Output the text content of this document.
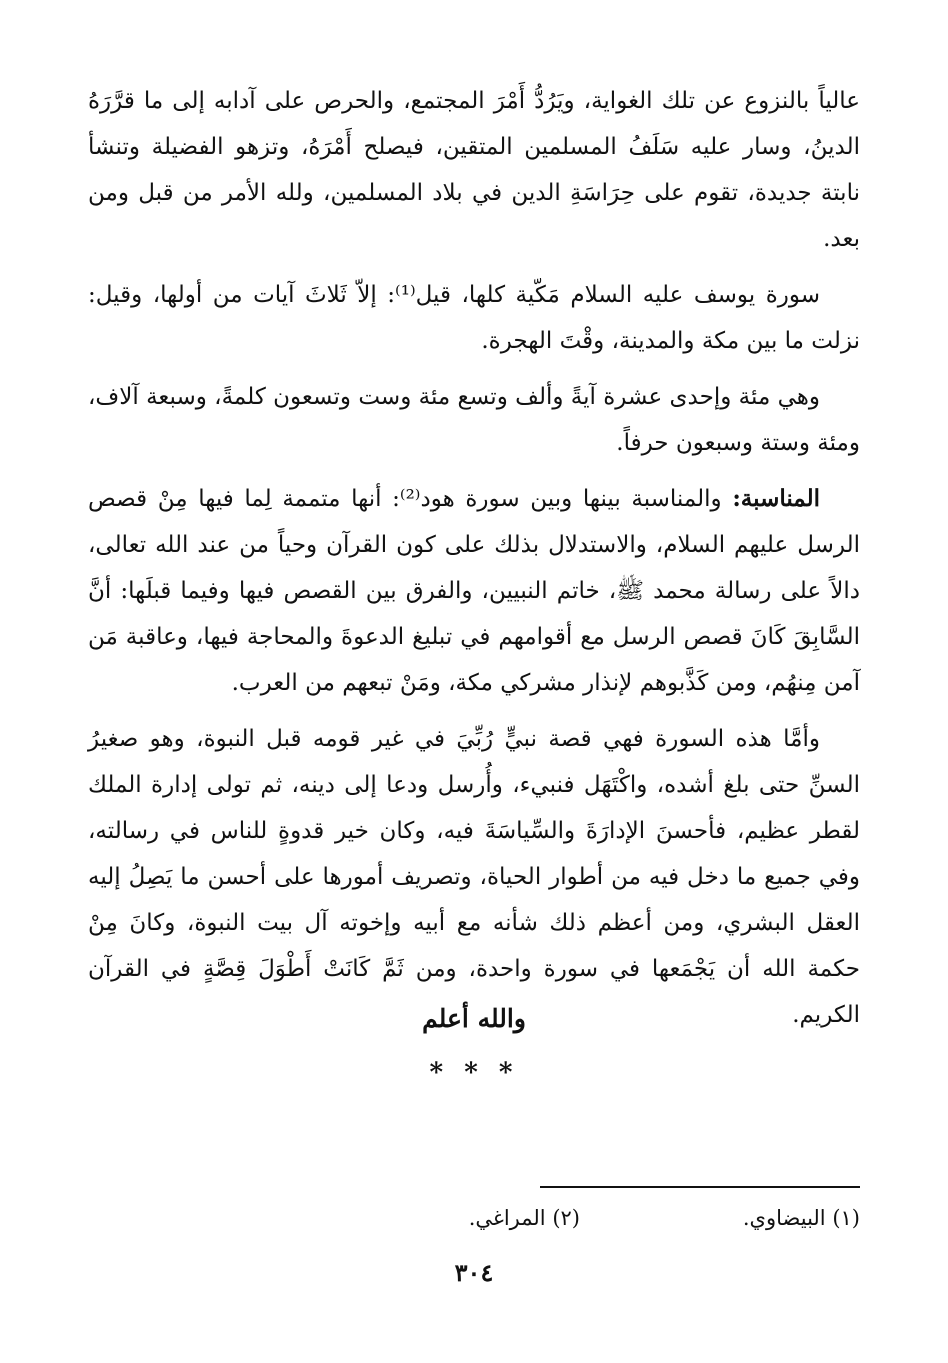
عالياً بالنزوع عن تلك الغواية، ويَرُدُّ أَمْرَ المجتمع، والحرص على آدابه إلى ما قرَّرَهُ الدينُ، وسار عليه سَلَفُ المسلمين المتقين، فيصلح أَمْرَهُ، وتزهو الفضيلة وتنشأ نابتة جديدة، تقوم على حِرَاسَةِ الدين في بلاد المسلمين، ولله الأمر من قبل ومن بعد.

سورة يوسف عليه السلام مَكّية كلها، قيل⁽¹⁾: إلاّ ثَلاثَ آيات من أولها، وقيل: نزلت ما بين مكة والمدينة، وقْتَ الهجرة.

وهي مئة وإحدى عشرة آيةً وألف وتسع مئة وست وتسعون كلمةً، وسبعة آلاف، ومئة وستة وسبعون حرفاً.

المناسبة: والمناسبة بينها وبين سورة هود⁽²⁾: أنها متممة لِما فيها مِنْ قصص الرسل عليهم السلام، والاستدلال بذلك على كون القرآن وحياً من عند الله تعالى، دالاً على رسالة محمد ﷺ، خاتم النبيين، والفرق بين القصص فيها وفيما قبلَها: أنَّ السَّابِقَ كَانَ قصص الرسل مع أقوامهم في تبليغ الدعوةَ والمحاجة فيها، وعاقبة مَن آمن مِنهُم، ومن كَذَّبوهم لإنذار مشركي مكة، ومَنْ تبعهم من العرب.

وأمَّا هذه السورة فهي قصة نبيٍّ رُبِّيَ في غير قومه قبل النبوة، وهو صغيرُ السنِّ حتى بلغ أشده، واكْتَهَل فنبيء، وأُرسل ودعا إلى دينه، ثم تولى إدارة الملك لقطر عظيم، فأحسنَ الإدارَةَ والسِّياسَةَ فيه، وكان خير قدوةٍ للناس في رسالته، وفي جميع ما دخل فيه من أطوار الحياة، وتصريف أمورها على أحسن ما يَصِلُ إليه العقل البشري، ومن أعظم ذلك شأنه مع أبيه وإخوته آل بيت النبوة، وكانَ مِنْ حكمة الله أن يَجْمَعها في سورة واحدة، ومن ثَمَّ كَانَتْ أَطْوَلَ قِصَّةٍ في القرآن الكريم.

والله أعلم
* * *
(١) البيضاوي.
(٢) المراغي.
٣٠٤
